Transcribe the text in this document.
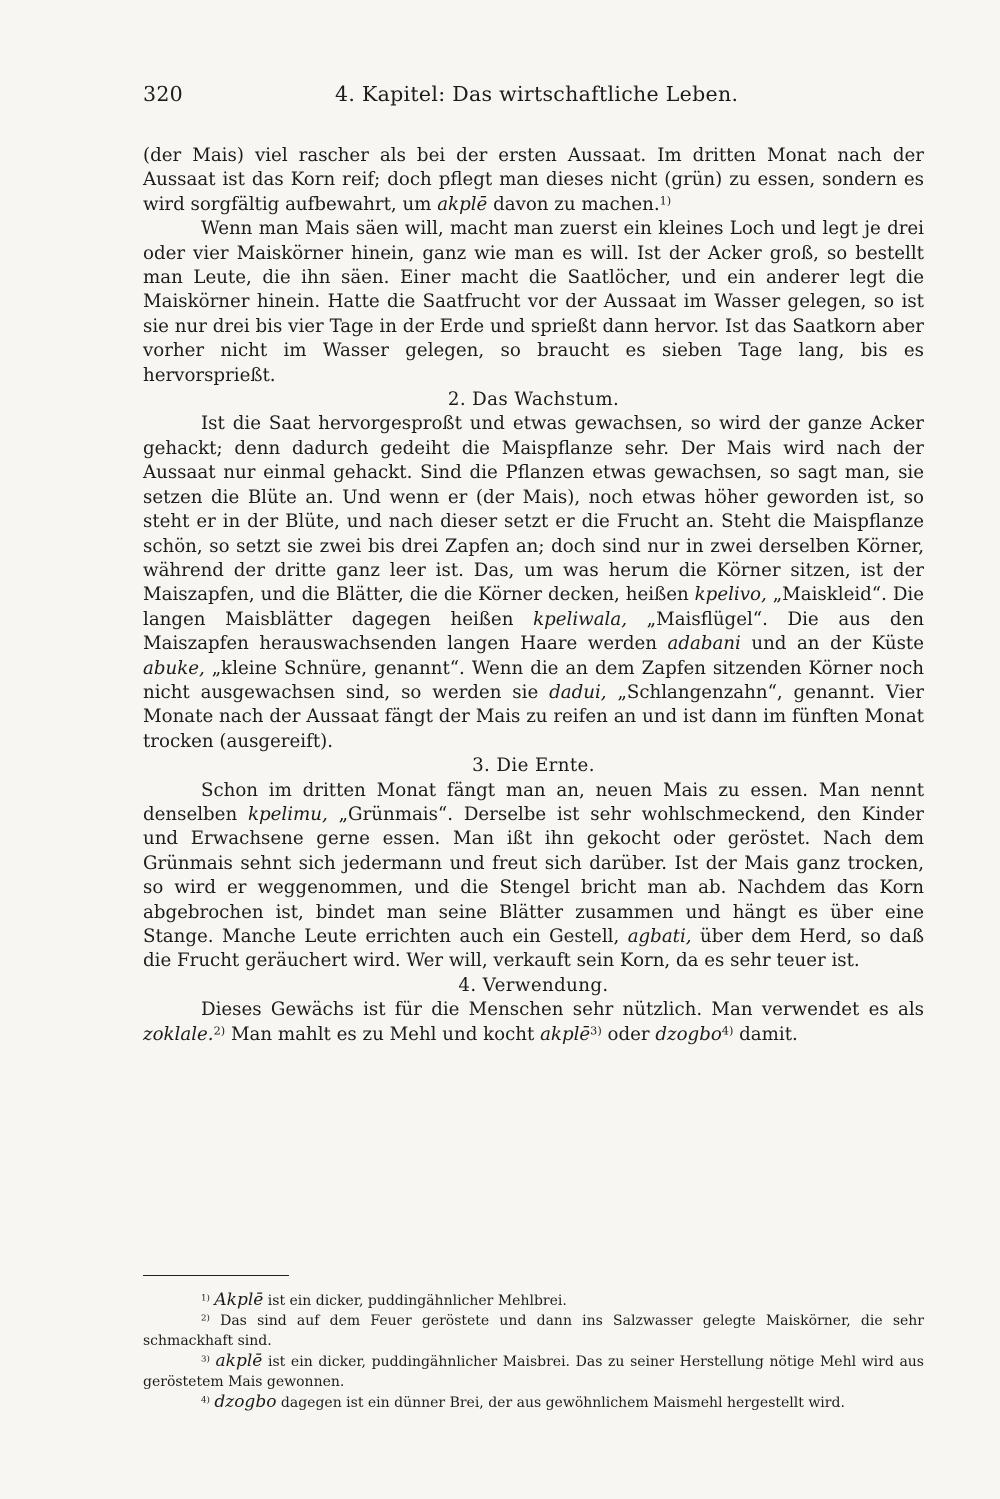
320	4. Kapitel: Das wirtschaftliche Leben.

(der Mais) viel rascher als bei der ersten Aussaat. Im dritten Monat nach der Aussaat ist das Korn reif; doch pflegt man dieses nicht (grün) zu essen, sondern es wird sorgfältig aufbewahrt, um akplē davon zu machen.$^{1)}$

Wenn man Mais säen will, macht man zuerst ein kleines Loch und legt je drei oder vier Maiskörner hinein, ganz wie man es will. Ist der Acker groß, so bestellt man Leute, die ihn säen. Einer macht die Saatlöcher, und ein anderer legt die Maiskörner hinein. Hatte die Saatfrucht vor der Aussaat im Wasser gelegen, so ist sie nur drei bis vier Tage in der Erde und sprießt dann hervor. Ist das Saatkorn aber vorher nicht im Wasser gelegen, so braucht es sieben Tage lang, bis es hervorsprießt.

2. Das Wachstum.

Ist die Saat hervorgesproßt und etwas gewachsen, so wird der ganze Acker gehackt; denn dadurch gedeiht die Maispflanze sehr. Der Mais wird nach der Aussaat nur einmal gehackt. Sind die Pflanzen etwas gewachsen, so sagt man, sie setzen die Blüte an. Und wenn er (der Mais), noch etwas höher geworden ist, so steht er in der Blüte, und nach dieser setzt er die Frucht an. Steht die Maispflanze schön, so setzt sie zwei bis drei Zapfen an; doch sind nur in zwei derselben Körner, während der dritte ganz leer ist. Das, um was herum die Körner sitzen, ist der Maiszapfen, und die Blätter, die die Körner decken, heißen kpelivo, „Maiskleid“. Die langen Maisblätter dagegen heißen kpeliwala, „Maisflügel“. Die aus den Maiszapfen herauswachsenden langen Haare werden adabani und an der Küste abuke, „kleine Schnüre, genannt“. Wenn die an dem Zapfen sitzenden Körner noch nicht ausgewachsen sind, so werden sie dadui, „Schlangenzahn“, genannt. Vier Monate nach der Aussaat fängt der Mais zu reifen an und ist dann im fünften Monat trocken (ausgereift).

3. Die Ernte.

Schon im dritten Monat fängt man an, neuen Mais zu essen. Man nennt denselben kpelimu, „Grünmais“. Derselbe ist sehr wohlschmeckend, den Kinder und Erwachsene gerne essen. Man ißt ihn gekocht oder geröstet. Nach dem Grünmais sehnt sich jedermann und freut sich darüber. Ist der Mais ganz trocken, so wird er weggenommen, und die Stengel bricht man ab. Nachdem das Korn abgebrochen ist, bindet man seine Blätter zusammen und hängt es über eine Stange. Manche Leute errichten auch ein Gestell, agbati, über dem Herd, so daß die Frucht geräuchert wird. Wer will, verkauft sein Korn, da es sehr teuer ist.

4. Verwendung.

Dieses Gewächs ist für die Menschen sehr nützlich. Man verwendet es als zoklale.$^{2)}$ Man mahlt es zu Mehl und kocht akplē$^{3)}$ oder dzogbo$^{4)}$ damit.

$^{1)}$ Akplē ist ein dicker, puddingähnlicher Mehlbrei.

$^{2)}$ Das sind auf dem Feuer geröstete und dann ins Salzwasser gelegte Maiskörner, die sehr schmackhaft sind.

$^{3)}$ akplē ist ein dicker, puddingähnlicher Maisbrei. Das zu seiner Herstellung nötige Mehl wird aus geröstetem Mais gewonnen.

$^{4)}$ dzogbo dagegen ist ein dünner Brei, der aus gewöhnlichem Maismehl hergestellt wird.
